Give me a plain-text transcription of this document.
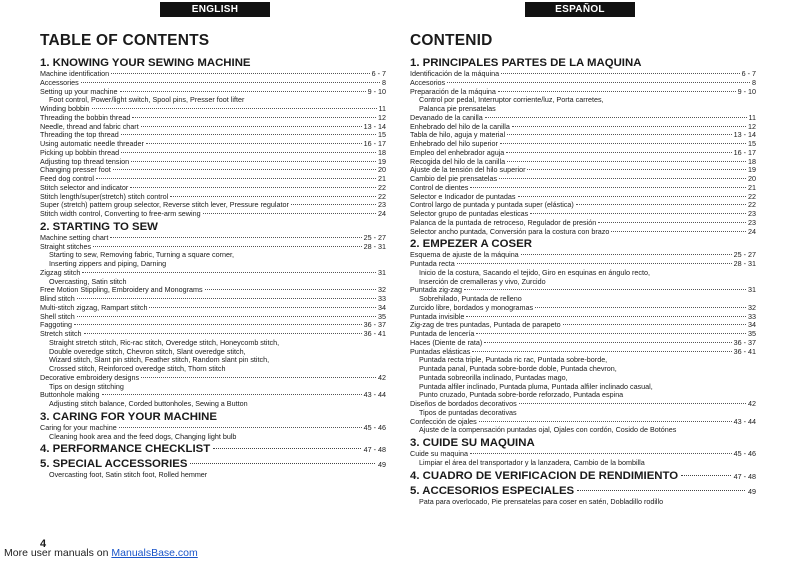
ENGLISH
TABLE OF CONTENTS
1. KNOWING YOUR SEWING MACHINE
Machine identification	6 - 7
Accessories	8
Setting up your machine	9 - 10
Foot control, Power/light switch, Spool pins, Presser foot lifter
Winding bobbin	11
Threading the bobbin thread	12
Needle, thread and fabric chart	13 - 14
Threading the top thread	15
Using automatic needle threader	16 - 17
Picking up bobbin thread	18
Adjusting top thread tension	19
Changing presser foot	20
Feed dog control	21
Stitch selector and indicator	22
Stitch length/super(stretch) stitch control	22
Super (stretch) pattern group selector, Reverse stitch lever, Pressure regulator	23
Stitch width control, Converting to free-arm sewing	24
2. STARTING TO SEW
Machine setting chart	25 - 27
Straight stitches	28 - 31
Starting to sew, Removing fabric, Turning a square corner,
Inserting zippers and piping, Darning
Zigzag stitch	31
Overcasting, Satin stitch
Free Motion Stippling, Embroidery and Monograms	32
Blind stitch	33
Multi-stitch zigzag, Rampart stitch	34
Shell stitch	35
Faggoting	36 - 37
Stretch stitch	36 - 41
Straight stretch stitch, Ric-rac stitch, Overedge stitch, Honeycomb stitch,
Double overedge stitch, Chevron stitch, Slant overedge stitch,
Wizard stitch, Slant pin stitch, Feather stitch, Random slant pin stitch,
Crossed stitch, Reinforced overedge stitch, Thorn stitch
Decorative embroidery designs	42
Tips on design stitching
Buttonhole making	43 - 44
Adjusting stitch balance, Corded buttonholes, Sewing a Button
3. CARING FOR YOUR MACHINE
Caring for your machine	45 - 46
Cleaning hook area and the feed dogs, Changing light bulb
4. PERFORMANCE CHECKLIST	47 - 48
5. SPECIAL ACCESSORIES	49
Overcasting foot, Satin stitch foot, Rolled hemmer
ESPAÑOL
CONTENID
1. PRINCIPALES PARTES DE LA MAQUINA
Identificación de la máquina	6 - 7
Accesorios	8
Preparación de la máquina	9 - 10
Control por pedal, Interruptor corriente/luz, Porta carretes,
Palanca pie prensatelas
Devanado de la canilla	11
Enhebrado del hilo de la canilla	12
Tabla de hilo, aguja y material	13 - 14
Enhebrado del hilo superior	15
Empleo del enhebrador aguja	16 - 17
Recogida del hilo de la canilla	18
Ajuste de la tensión del hilo superior	19
Cambio del pie prensatelas	20
Control de dientes	21
Selector e Indicador de puntadas	22
Control largo de puntada y puntada super (elástica)	22
Selector grupo de puntadas elesticas	23
Palanca de la puntada de retroceso, Regulador de presión	23
Selector ancho puntada, Conversión para la costura con brazo	24
2. EMPEZER A COSER
Esquema de ajuste de la máquina	25 - 27
Puntada recta	28 - 31
Inicio de la costura, Sacando el tejido, Giro en esquinas en ángulo recto,
Inserción de cremalleras y vivo, Zurcido
Puntada zig-zag	31
Sobrehilado, Puntada de relleno
Zurcido libre, bordados y monogramas	32
Puntada invisible	33
Zig-zag de tres puntadas, Puntada de parapeto	34
Puntada de lencería	35
Haces (Diente de rata)	36 - 37
Puntadas elásticas	36 - 41
Puntada recta triple, Puntada ric rac, Puntada sobre-borde,
Puntada panal, Puntada sobre-borde doble, Puntada chevron,
Puntada sobreorilla inclinado, Puntadas mago,
Puntada alfiler inclinado, Puntada pluma, Puntada alfiler inclinado casual,
Punto cruzado, Puntada sobre-borde reforzado, Puntada espina
Diseños de bordados decorativos	42
Tipos de puntadas decorativas
Confección de ojales	43 - 44
Ajuste de la compensación puntadas ojal, Ojales con cordón, Cosido de Botónes
3. CUIDE SU MAQUINA
Cuide su maquina	45 - 46
Limpiar el área del transportador y la lanzadera, Cambio de la bombilla
4. CUADRO DE VERIFICACION DE RENDIMIENTO	47 - 48
5. ACCESORIOS ESPECIALES	49
Pata para overlocado, Pie prensatelas para coser en satén, Dobladillo rodillo
4
More user manuals on ManualsBase.com
